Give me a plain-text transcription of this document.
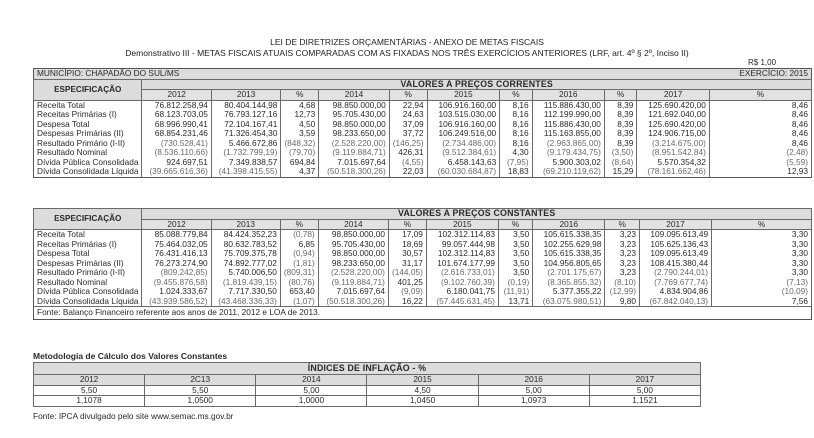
LEI DE DIRETRIZES ORÇAMENTÁRIAS - ANEXO DE METAS FISCAIS
Demonstrativo III - METAS FISCAIS ATUAIS COMPARADAS COM AS FIXADAS NOS TRÊS EXERCÍCIOS ANTERIORES (LRF, art. 4º § 2º, Inciso II)
R$ 1,00
MUNICÍPIO: CHAPADÃO DO SUL/MS						EXERCÍCIO: 2015					
ESPECIFICAÇÃO	VALORES A PREÇOS CORRENTES										
	2012	2013	%	2014	%	2015	%	2016	%	2017	%
Receita Total	76.812.258,94	80.404.144,98	4,68	98.850.000,00	22,94	106.916.160,00	8,16	115.886.430,00	8,39	125.690.420,00	8,46
Receitas Primárias (I)	68.123.703,05	76.793.127,16	12,73	95.705.430,00	24,63	103.515.030,00	8,16	112.199.990,00	8,39	121.692.040,00	8,46
Despesa Total	68.996.990,41	72.104.167,41	4,50	98.850.000,00	37,09	106.916.160,00	8,16	115.886.430,00	8,39	125.690.420,00	8,46
Despesas Primárias (II)	68.854.231,46	71.326.454,30	3,59	98.233.650,00	37,72	106.249.516,00	8,16	115.163.855,00	8,39	124.906.715,00	8,46
Resultado Primário (I-II)	(730.528,41)	5.466.672,86	(848,32)	(2.528.220,00)	(146,25)	(2.734.486,00)	8,16	(2.963.865,00)	8,39	(3.214.675,00)	8,46
Resultado Nominal	(8.536.110,66)	(1.732.799,19)	(79,70)	(9.119.884,71)	426,31	(9.512.384,61)	4,30	(9.179.434,75)	(3,50)	(8.951.542,84)	(2,48)
Dívida Pública Consolidada	924.697,51	7.349.838,57	694,84	7.015.697,64	(4,55)	6.458.143,63	(7,95)	5.900.303,02	(8,64)	5.570.354,32	(5,59)
Dívida Consolidada Líquida	(39.665.616,36)	(41.398.415,55)	4,37	(50.518.300,26)	22,03	(60.030.684,87)	18,83	(69.210.119,62)	15,29	(78.161.662,46)	12,93
ESPECIFICAÇÃO	VALORES A PREÇOS CONSTANTES										
	2012	2013	%	2014	%	2015	%	2016	%	2017	%
Receita Total	85.088.779,84	84.424.352,23	(0,78)	98.850.000,00	17,09	102.312.114,83	3,50	105.615.338,35	3,23	109.095.613,49	3,30
Receitas Primárias (I)	75.464.032,05	80.632.783,52	6,85	95.705.430,00	18,69	99.057.444,98	3,50	102.255.629,98	3,23	105.625.136,43	3,30
Despesa Total	76.431.416,13	75.709.375,78	(0,94)	98.850.000,00	30,57	102.312.114,83	3,50	105.615.338,35	3,23	109.095.613,49	3,30
Despesas Primárias (II)	76.273.274,90	74.892.777,02	(1,81)	98.233.650,00	31,17	101.674.177,99	3,50	104.956.805,65	3,23	108.415.380,44	3,30
Resultado Primário (I-II)	(809.242,85)	5.740.006,50	(809,31)	(2.528.220,00)	(144,05)	(2.616.733,01)	3,50	(2.701.175,67)	3,23	(2.790.244,01)	3,30
Resultado Nominal	(9.455.876,58)	(1.819.439,15)	(80,76)	(9.119.884,71)	401,25	(9.102.760,39)	(0,19)	(8.365.855,32)	(8,10)	(7.769.677,74)	(7,13)
Dívida Pública Consolidada	1.024.333,67	7.717.330,50	653,40	7.015.697,64	(9,09)	6.180.041,75	(11,91)	5.377.355,22	(12,99)	4.834.904,86	(10,09)
Dívida Consolidada Líquida	(43.939.586,52)	(43.468.336,33)	(1,07)	(50.518.300,26)	16,22	(57.445.631,45)	13,71	(63.075.980,51)	9,80	(67.842.040,13)	7,56
Fonte: Balanço Financeiro referente aos anos de 2011, 2012 e LOA de 2013.											
Metodologia de Cálculo dos Valores Constantes
ÍNDICES DE INFLAÇÃO - %					
2012	2C13	2014	2015	2016	2017
5,50	5,50	5,00	4,50	5,00	5,00
1,1078	1,0500	1,0000	1,0450	1,0973	1,1521
Fonte: IPCA divulgado pelo site www.semac.ms.gov.br
